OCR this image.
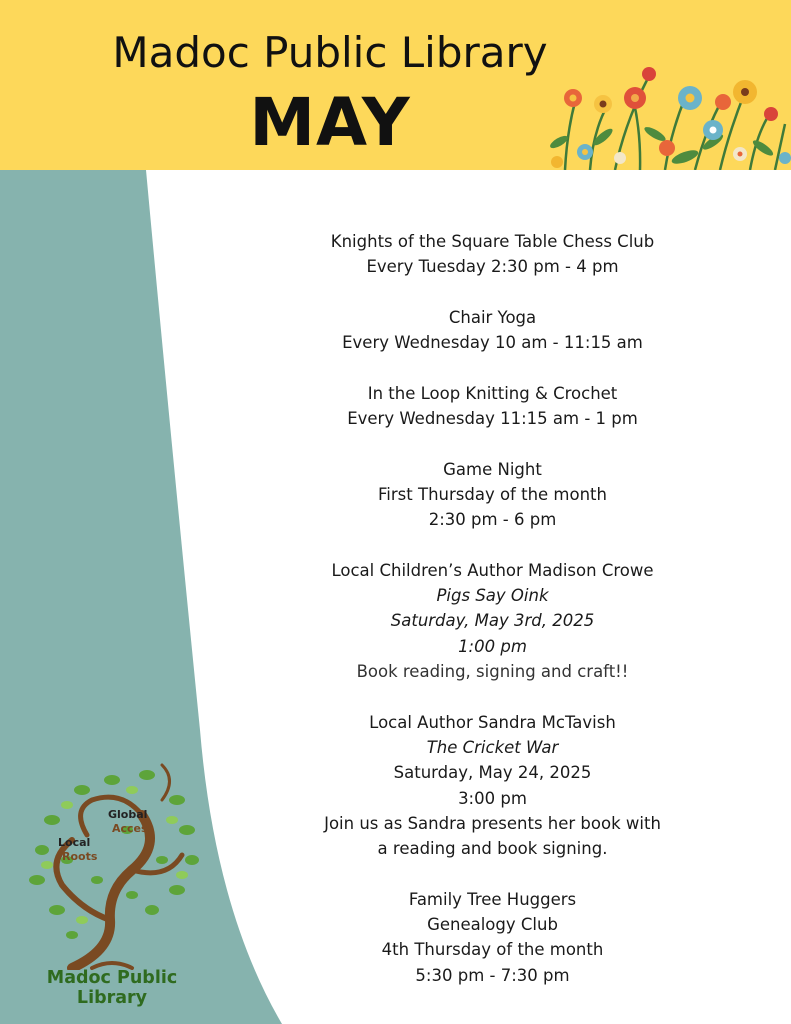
Madoc Public Library
MAY
Knights of the Square Table Chess Club
Every Tuesday 2:30 pm - 4 pm
Chair Yoga
Every Wednesday 10 am - 11:15 am
In the Loop Knitting & Crochet
Every Wednesday 11:15 am - 1 pm
Game Night
First Thursday of the month
2:30 pm - 6 pm
Local Children’s Author Madison Crowe
Pigs Say Oink
Saturday, May 3rd, 2025
1:00 pm
Book reading, signing and craft!!
Local Author Sandra McTavish
The Cricket War
Saturday, May 24, 2025
3:00 pm
Join us as Sandra presents her book with
a reading and book signing.
Family Tree Huggers
Genealogy Club
4th Thursday of the month
5:30 pm - 7:30 pm
Global
Access
Local
Roots
Madoc Public Library
